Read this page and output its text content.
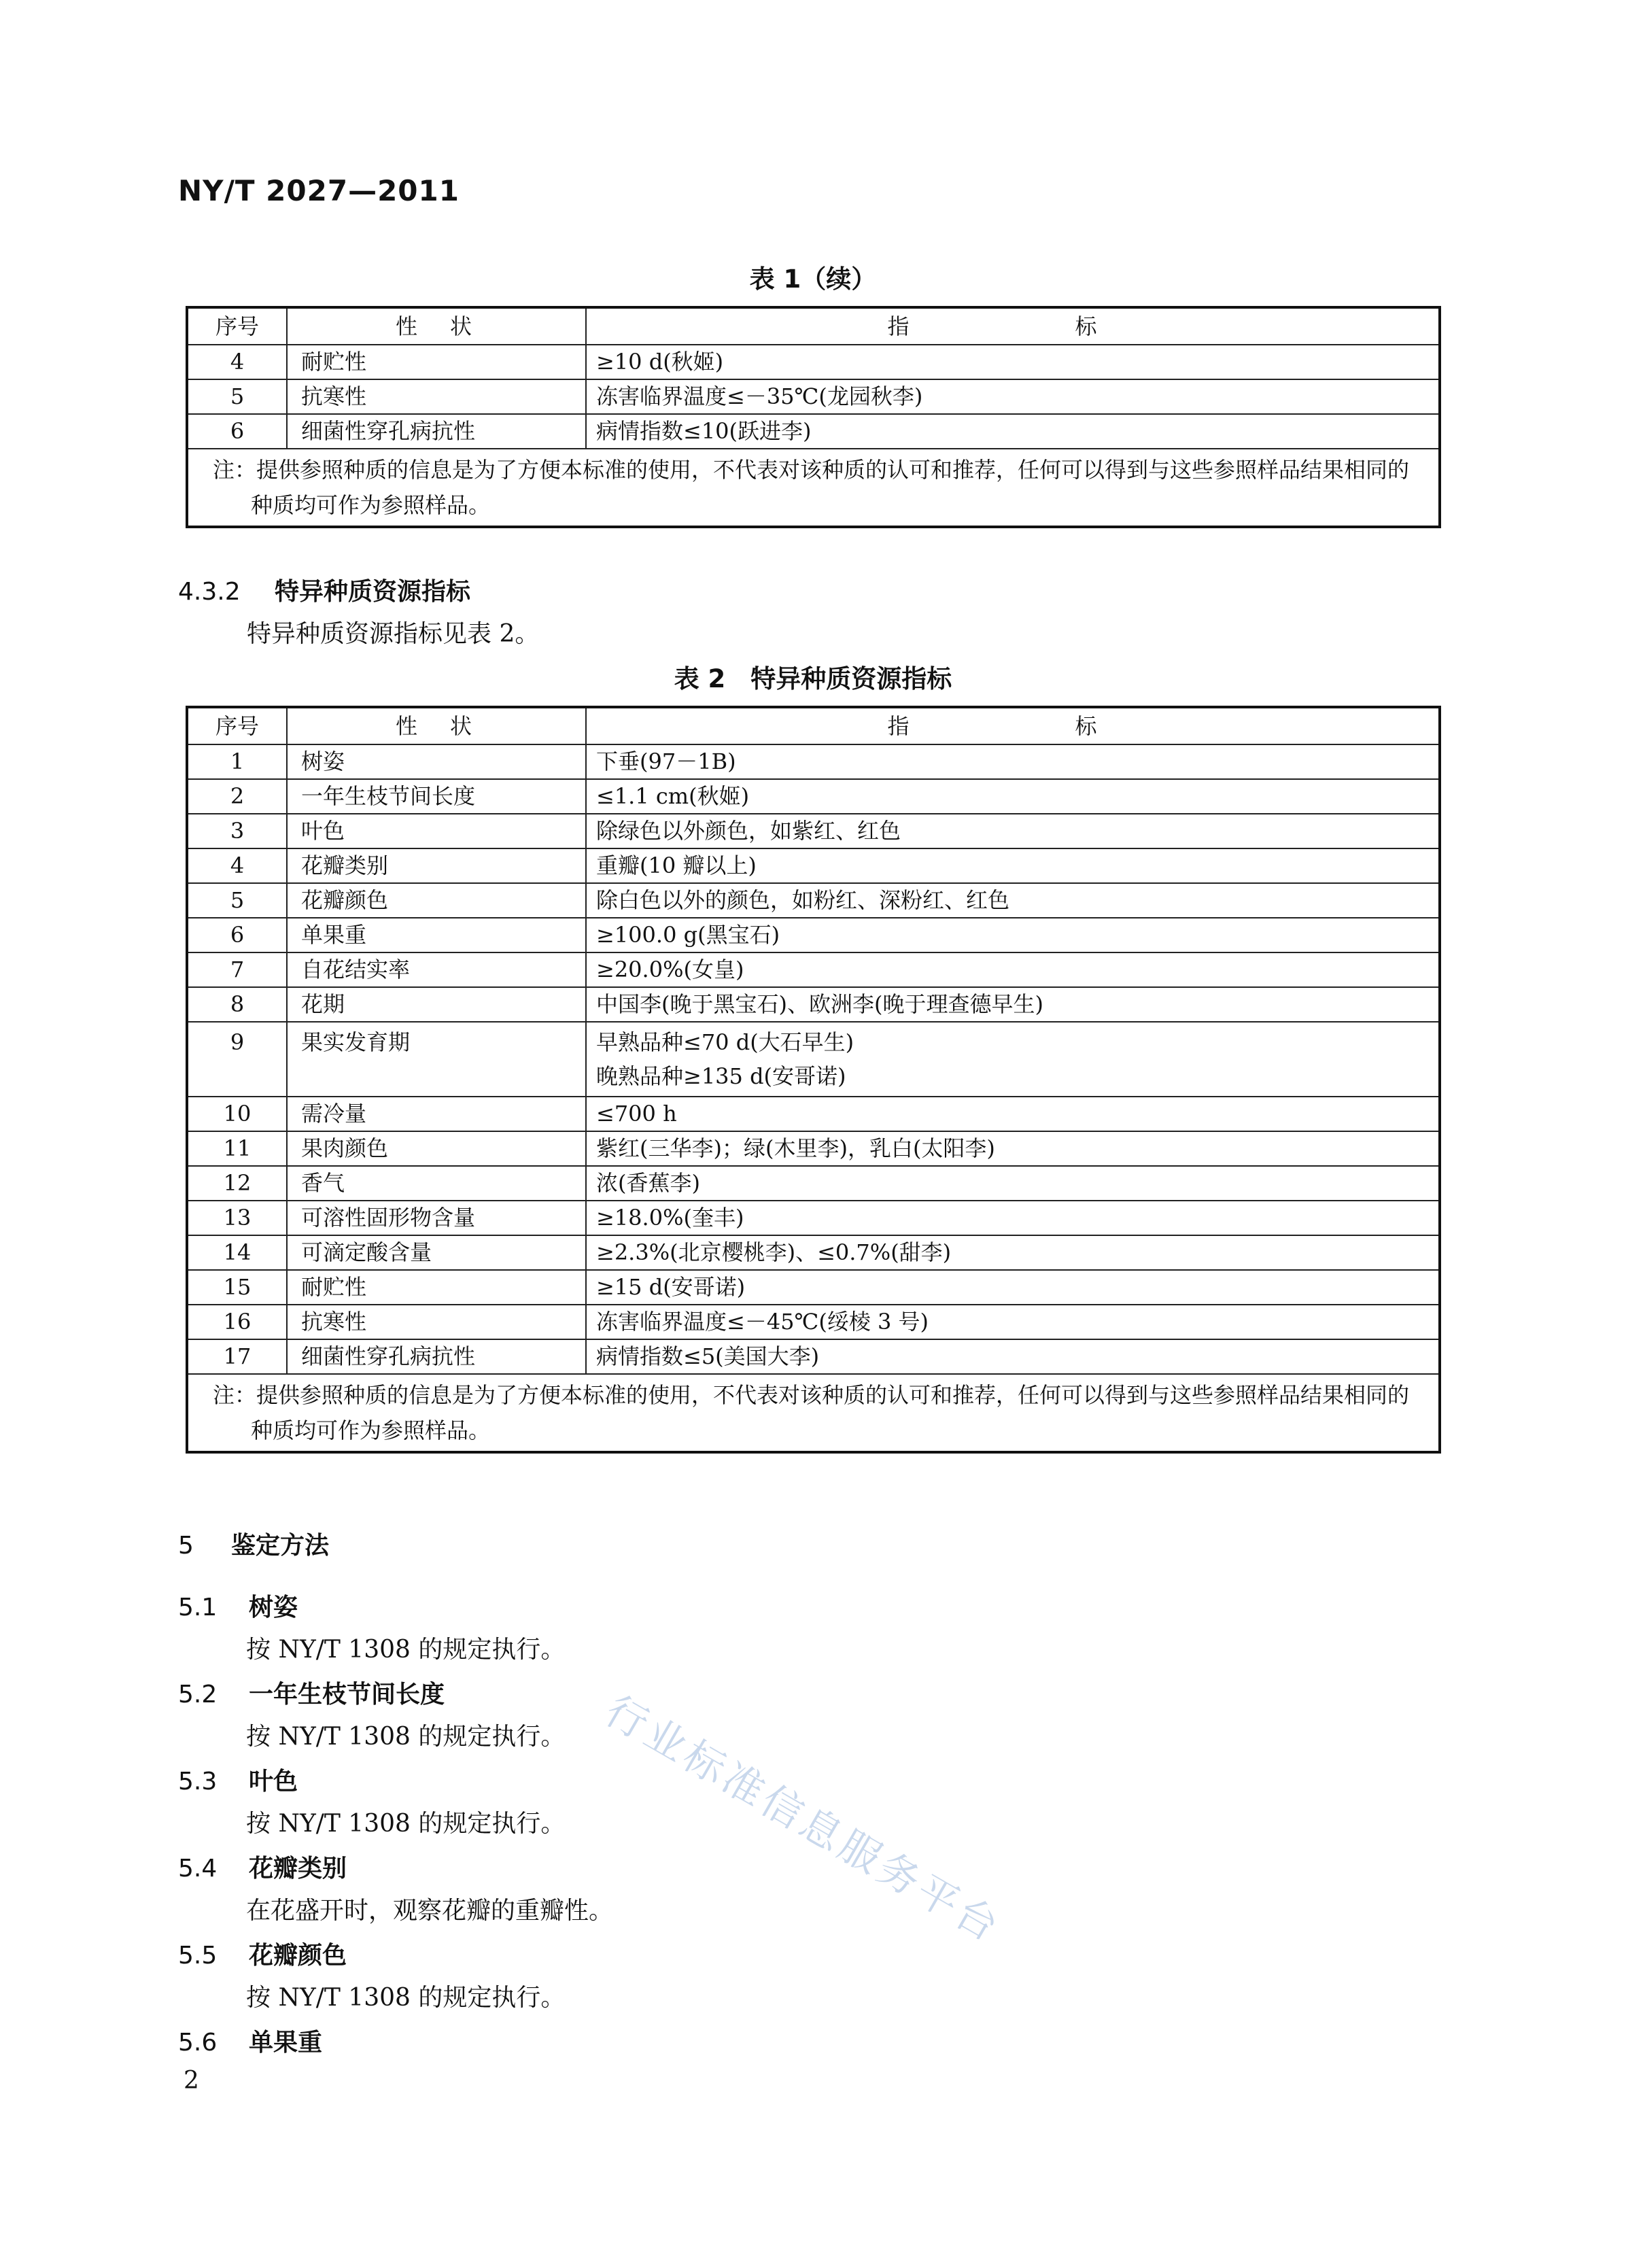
NY/T 2027—2011
表 1（续）
序号	性　状	指　　标
4	耐贮性	≥10 d(秋姬)
5	抗寒性	冻害临界温度≤－35℃(龙园秋李)
6	细菌性穿孔病抗性	病情指数≤10(跃进李)
注：提供参照种质的信息是为了方便本标准的使用，不代表对该种质的认可和推荐，任何可以得到与这些参照样品结果相同的种质均可作为参照样品。		
4.3.2 特异种质资源指标
特异种质资源指标见表 2。
表 2　特异种质资源指标
序号	性　状	指　　标
1	树姿	下垂(97－1B)
2	一年生枝节间长度	≤1.1 cm(秋姬)
3	叶色	除绿色以外颜色，如紫红、红色
4	花瓣类别	重瓣(10 瓣以上)
5	花瓣颜色	除白色以外的颜色，如粉红、深粉红、红色
6	单果重	≥100.0 g(黑宝石)
7	自花结实率	≥20.0%(女皇)
8	花期	中国李(晚于黑宝石)、欧洲李(晚于理查德早生)
9	果实发育期	早熟品种≤70 d(大石早生)
晚熟品种≥135 d(安哥诺)

10	需冷量	≤700 h
11	果肉颜色	紫红(三华李)；绿(木里李)，乳白(太阳李)
12	香气	浓(香蕉李)
13	可溶性固形物含量	≥18.0%(奎丰)
14	可滴定酸含量	≥2.3%(北京樱桃李)、≤0.7%(甜李)
15	耐贮性	≥15 d(安哥诺)
16	抗寒性	冻害临界温度≤－45℃(绥棱 3 号)
17	细菌性穿孔病抗性	病情指数≤5(美国大李)
注：提供参照种质的信息是为了方便本标准的使用，不代表对该种质的认可和推荐，任何可以得到与这些参照样品结果相同的种质均可作为参照样品。		
5 鉴定方法
5.1 树姿
按 NY/T 1308 的规定执行。
5.2 一年生枝节间长度
按 NY/T 1308 的规定执行。
5.3 叶色
按 NY/T 1308 的规定执行。
5.4 花瓣类别
在花盛开时，观察花瓣的重瓣性。
5.5 花瓣颜色
按 NY/T 1308 的规定执行。
5.6 单果重
行业标准信息服务平台
2
